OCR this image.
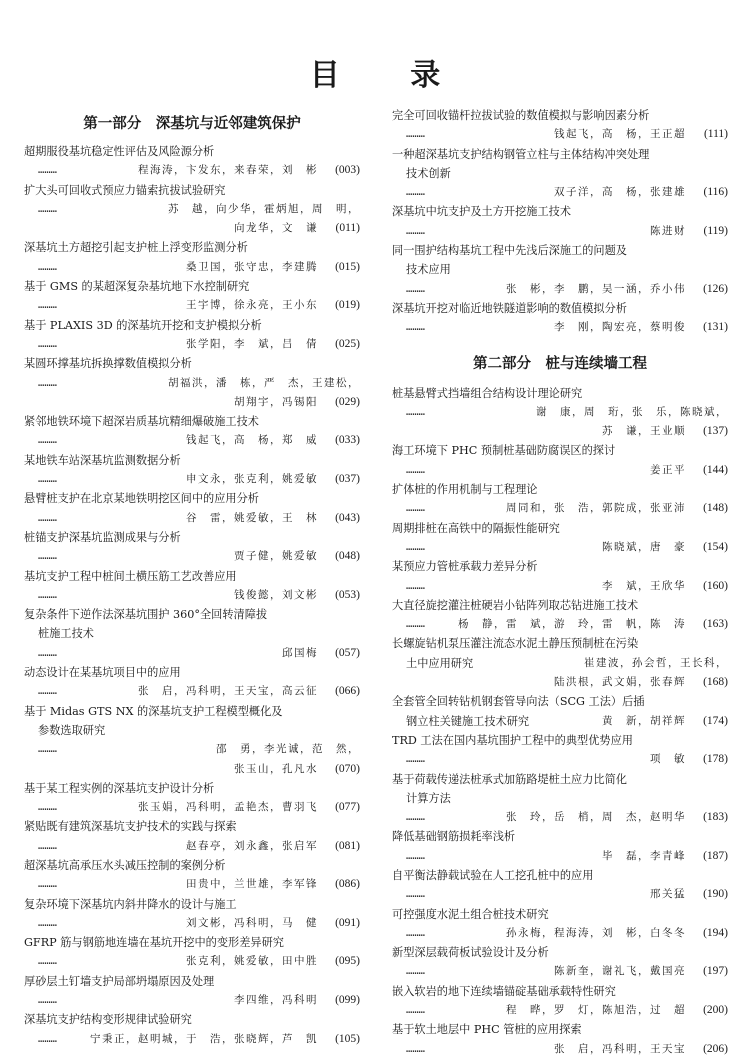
目 录
第一部分　深基坑与近邻建筑保护
超期服役基坑稳定性评估及风险源分析
………	程海涛，卞发东，来春荣，刘　彬 (003)
扩大头可回收式预应力锚索抗拔试验研究
………	苏　越，向少华，霍炳旭，周　明，
向龙华，文　谦 (011)
深基坑土方超挖引起支护桩上浮变形监测分析
………	桑卫国，张守忠，李建腾 (015)
基于 GMS 的某超深复杂基坑地下水控制研究
………	王宇博，徐永亮，王小东 (019)
基于 PLAXIS 3D 的深基坑开挖和支护模拟分析
………	张学阳，李　斌，吕　倩 (025)
某圆环撑基坑拆换撑数值模拟分析
………	胡福洪，潘　栋，严　杰，王建松，
胡翔宇，冯锡阳 (029)
紧邻地铁环境下超深岩质基坑精细爆破施工技术
………	钱起飞，高　杨，郑　威 (033)
某地铁车站深基坑监测数据分析
………	申文永，张克利，姚爱敏 (037)
悬臂桩支护在北京某地铁明挖区间中的应用分析
………	谷　雷，姚爱敏，王　林 (043)
桩锚支护深基坑监测成果与分析
………	贾子健，姚爱敏 (048)
基坑支护工程中桩间土横压筋工艺改善应用
………	钱俊懿，刘文彬 (053)
复杂条件下逆作法深基坑围护 360°全回转清障拔
桩施工技术
………	邱国梅 (057)
动态设计在某基坑项目中的应用
………	张　启，冯科明，王天宝，高云征 (066)
基于 Midas GTS NX 的深基坑支护工程模型概化及
参数选取研究
………	邵　勇，李光诚，范　然，
张玉山，孔凡水 (070)
基于某工程实例的深基坑支护设计分析
………	张玉娟，冯科明，孟艳杰，曹羽飞 (077)
紧贴既有建筑深基坑支护技术的实践与探索
………	赵春亭，刘永鑫，张启军 (081)
超深基坑高承压水头减压控制的案例分析
………	田贵中，兰世雄，李军锋 (086)
复杂环境下深基坑内斜井降水的设计与施工
………	刘文彬，冯科明，马　健 (091)
GFRP 筋与钢筋地连墙在基坑开挖中的变形差异研究
………	张克利，姚爱敏，田中胜 (095)
厚砂层土钉墙支护局部坍塌原因及处理
………	李四维，冯科明 (099)
深基坑支护结构变形规律试验研究
………	宁秉正，赵明城，于　浩，张晓辉，芦　凯 (105)
完全可回收锚杆拉拔试验的数值模拟与影响因素分析
………	钱起飞，高　杨，王正超 (111)
一种超深基坑支护结构钢管立柱与主体结构冲突处理
技术创新
………	双子洋，高　杨，张建雄 (116)
深基坑中坑支护及土方开挖施工技术
………	陈进财 (119)
同一围护结构基坑工程中先浅后深施工的问题及
技术应用
………	张　彬，李　鹏，吴一涵，乔小伟 (126)
深基坑开挖对临近地铁隧道影响的数值模拟分析
………	李　刚，陶宏亮，蔡明俊 (131)
第二部分　桩与连续墙工程
桩基悬臂式挡墙组合结构设计理论研究
………	谢　康，周　珩，张　乐，陈晓斌，
苏　谦，王业顺 (137)
海工环境下 PHC 预制桩基础防腐误区的探讨
………	姜正平 (144)
扩体桩的作用机制与工程理论
………	周同和，张　浩，郭院成，张亚沛 (148)
周期排桩在高铁中的隔振性能研究
………	陈晓斌，唐　豪 (154)
某预应力管桩承载力差异分析
………	李　斌，王欣华 (160)
大直径旋挖灌注桩硬岩小钻阵列取芯钻进施工技术
………	杨　静，雷　斌，游　玲，雷　帆，陈　涛 (163)
长螺旋钻机泵压灌注流态水泥土静压预制桩在污染
土中应用研究	　崔建波，孙会哲，王长科，
陆洪根，武文娟，张春辉 (168)
全套管全回转钻机钢套管导向法（SCG 工法）后插
钢立柱关键施工技术研究	　黄　新，胡祥辉 (174)
TRD 工法在国内基坑围护工程中的典型优势应用
………	项　敏 (178)
基于荷载传递法桩承式加筋路堤桩土应力比简化
计算方法
………	张　玲，岳　梢，周　杰，赵明华 (183)
降低基础钢筋损耗率浅析
………	毕　磊，李青峰 (187)
自平衡法静载试验在人工挖孔桩中的应用
………	邢关猛 (190)
可控强度水泥土组合桩技术研究
………	孙永梅，程海涛，刘　彬，白冬冬 (194)
新型深层载荷板试验设计及分析
………	陈新奎，谢礼飞，戴国亮 (197)
嵌入软岩的地下连续墙锚碇基础承载特性研究
………	程　晔，罗　灯，陈旭浩，过　超 (200)
基于软土地层中 PHC 管桩的应用探索
………	张　启，冯科明，王天宝 (206)
